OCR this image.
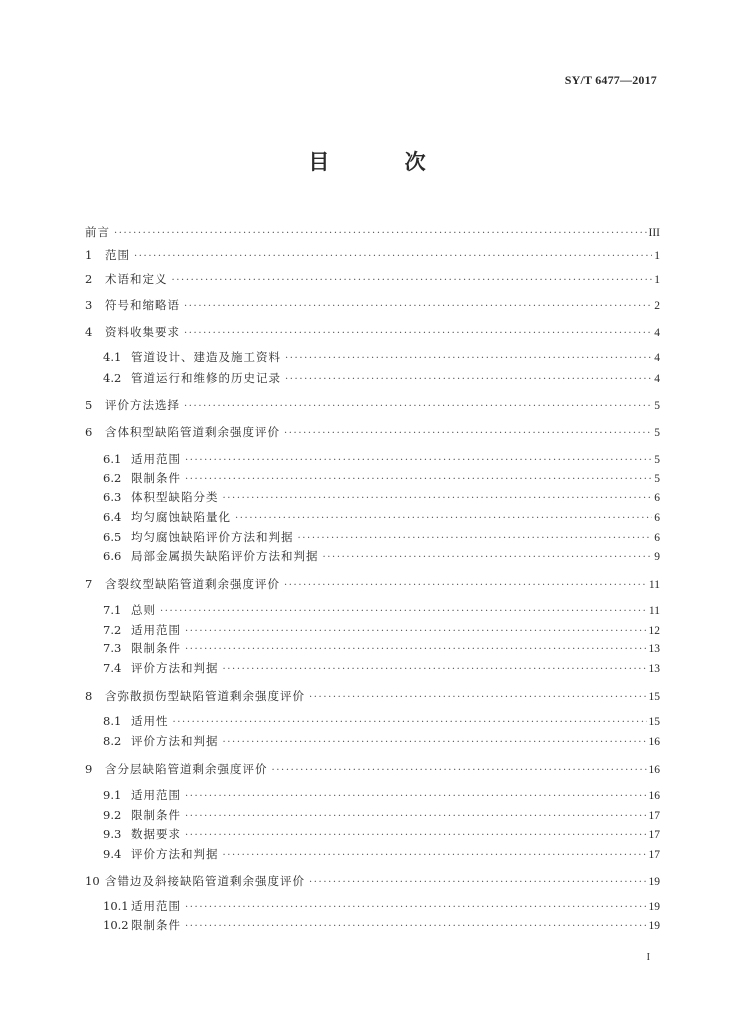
SY/T 6477—2017
目 次
前言 ·····	III
1	范围 ·····	1
2	术语和定义 ·····	1
3	符号和缩略语 ·····	2
4	资料收集要求 ·····	4
4.1 管道设计、建造及施工资料 ·····	4
4.2 管道运行和维修的历史记录 ·····	4
5	评价方法选择 ·····	5
6	含体积型缺陷管道剩余强度评价 ·····	5
6.1 适用范围 ·····	5
6.2 限制条件 ·····	5
6.3 体积型缺陷分类 ·····	6
6.4 均匀腐蚀缺陷量化 ·····	6
6.5 均匀腐蚀缺陷评价方法和判据 ·····	6
6.6 局部金属损失缺陷评价方法和判据 ·····	9
7	含裂纹型缺陷管道剩余强度评价 ·····	11
7.1 总则 ·····	11
7.2 适用范围 ·····	12
7.3 限制条件 ·····	13
7.4 评价方法和判据 ·····	13
8	含弥散损伤型缺陷管道剩余强度评价 ·····	15
8.1 适用性 ·····	15
8.2 评价方法和判据 ·····	16
9	含分层缺陷管道剩余强度评价 ·····	16
9.1 适用范围 ·····	16
9.2 限制条件 ·····	17
9.3 数据要求 ·····	17
9.4 评价方法和判据 ·····	17
10 含错边及斜接缺陷管道剩余强度评价 ·····	19
10.1 适用范围 ·····	19
10.2 限制条件 ·····	19
I
